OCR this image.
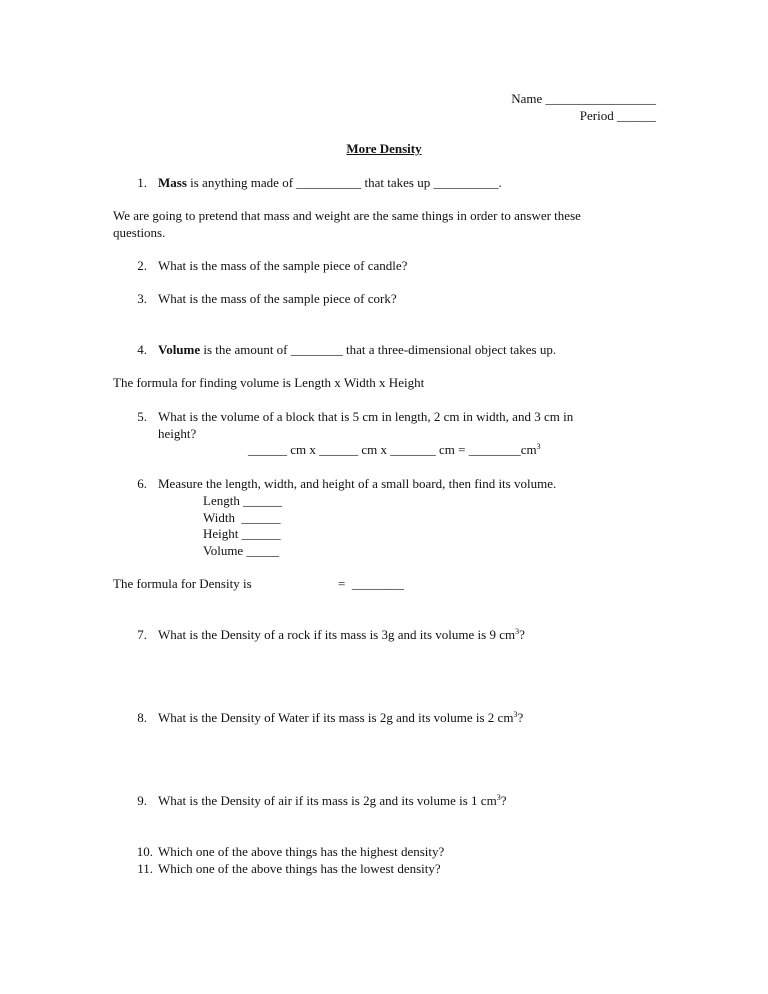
Name _________________
Period ______
More Density
1. Mass is anything made of __________ that takes up __________.
We are going to pretend that mass and weight are the same things in order to answer these
questions.
2. What is the mass of the sample piece of candle?
3. What is the mass of the sample piece of cork?
4. Volume is the amount of ________ that a three-dimensional object takes up.
The formula for finding volume is Length x Width x Height
5. What is the volume of a block that is 5 cm in length, 2 cm in width, and 3 cm in
height?
______ cm x ______ cm x _______ cm = $\_\_\_\_\_\_\_\_cm^3$
6. Measure the length, width, and height of a small board, then find its volume.
Length ______
Width  ______
Height ______
Volume _____
The formula for Density is	=  ________
7. What is the Density of a rock if its mass is 3g and its volume is 9 $cm^3$?
8. What is the Density of Water if its mass is 2g and its volume is 2 $cm^3$?
9. What is the Density of air if its mass is 2g and its volume is 1 $cm^3$?
10. Which one of the above things has the highest density?
11. Which one of the above things has the lowest density?
